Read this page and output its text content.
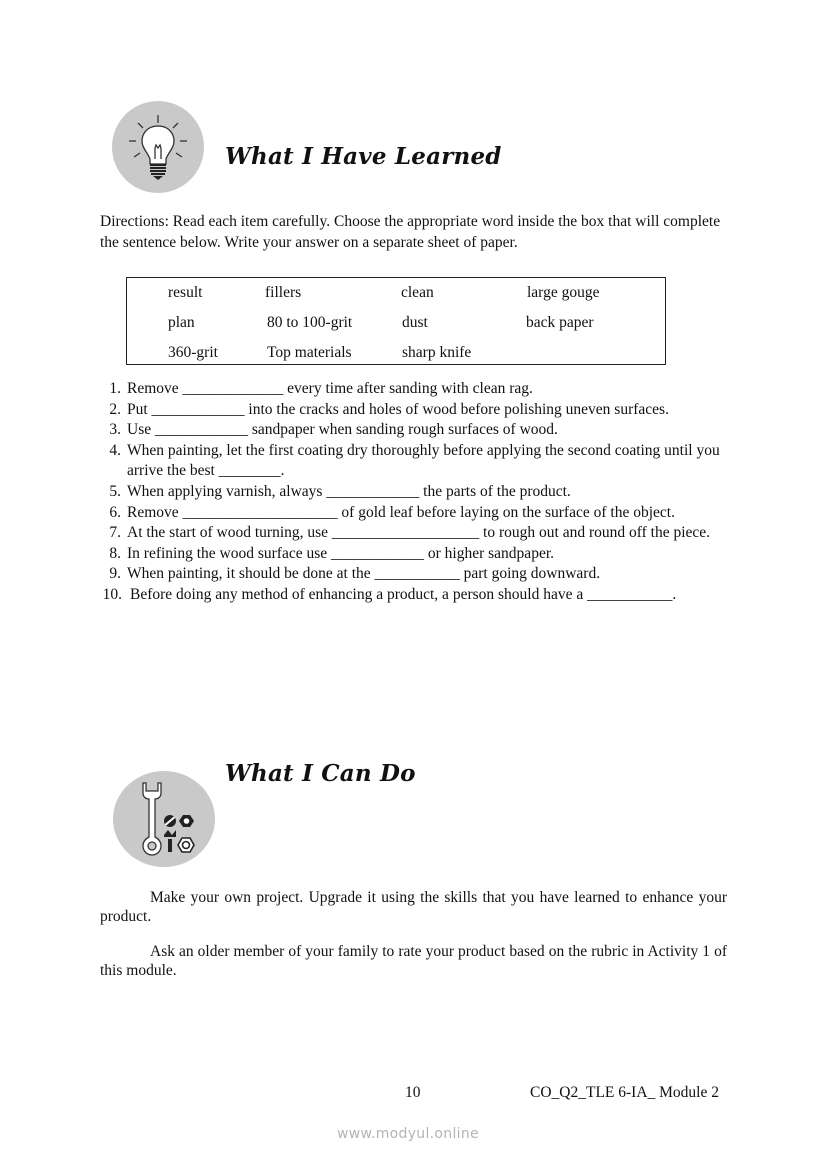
What I Have Learned
Directions: Read each item carefully. Choose the appropriate word inside the box that will complete the sentence below. Write your answer on a separate sheet of paper.
result	fillers	clean	large gouge
plan	80 to 100-grit	dust	back paper
360-grit	Top materials	sharp knife
1. Remove _____________ every time after sanding with clean rag.
2. Put ____________ into the cracks and holes of wood before polishing uneven surfaces.
3. Use ____________ sandpaper when sanding rough surfaces of wood.
4. When painting, let the first coating dry thoroughly before applying the second coating until you arrive the best ________.
5. When applying varnish, always ____________ the parts of the product.
6. Remove ____________________ of gold leaf before laying on the surface of the object.
7. At the start of wood turning, use ___________________ to rough out and round off the piece.
8. In refining the wood surface use ____________ or higher sandpaper.
9. When painting, it should be done at the ___________ part going downward.
10. Before doing any method of enhancing a product, a person should have a ___________.
What I Can Do
Make your own project. Upgrade it using the skills that you have learned to enhance your product.
Ask an older member of your family to rate your product based on the rubric in Activity 1 of this module.
10	CO_Q2_TLE 6-IA_ Module 2
www.modyul.online
